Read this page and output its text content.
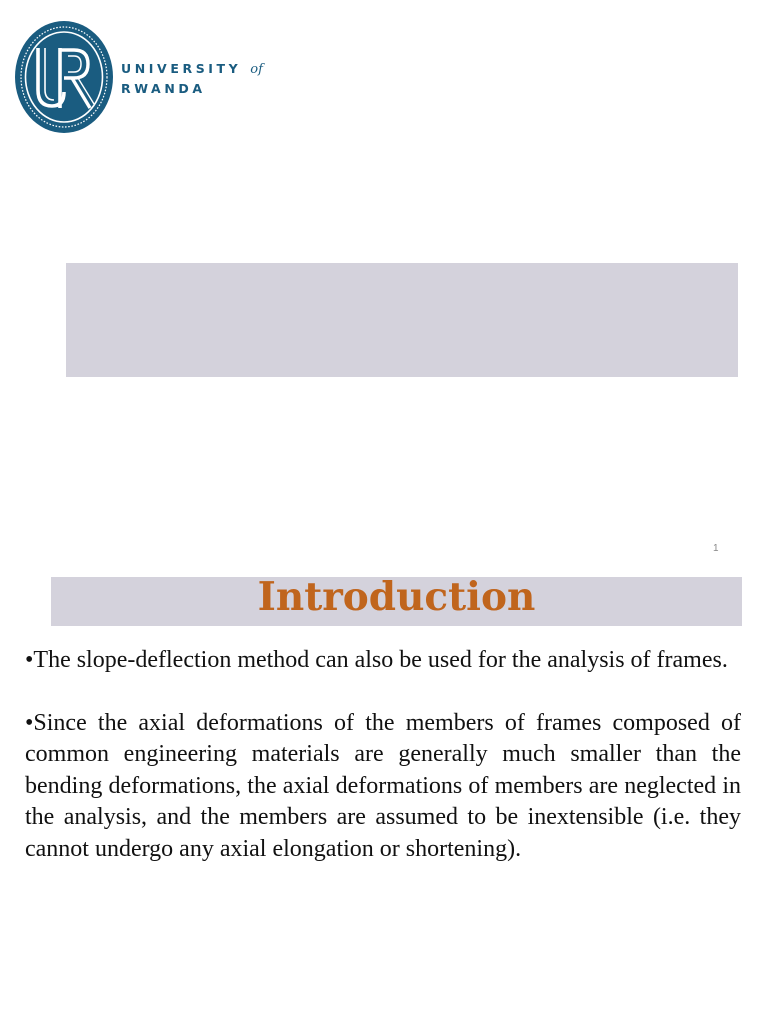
UNIVERSITY of
RWANDA
1
Introduction

•The slope-deflection method can also be used for the analysis of frames.

•Since the axial deformations of the members of frames composed of common engineering materials are generally much smaller than the bending deformations, the axial deformations of members are neglected in the analysis, and the members are assumed to be inextensible (i.e. they cannot undergo any axial elongation or shortening).
